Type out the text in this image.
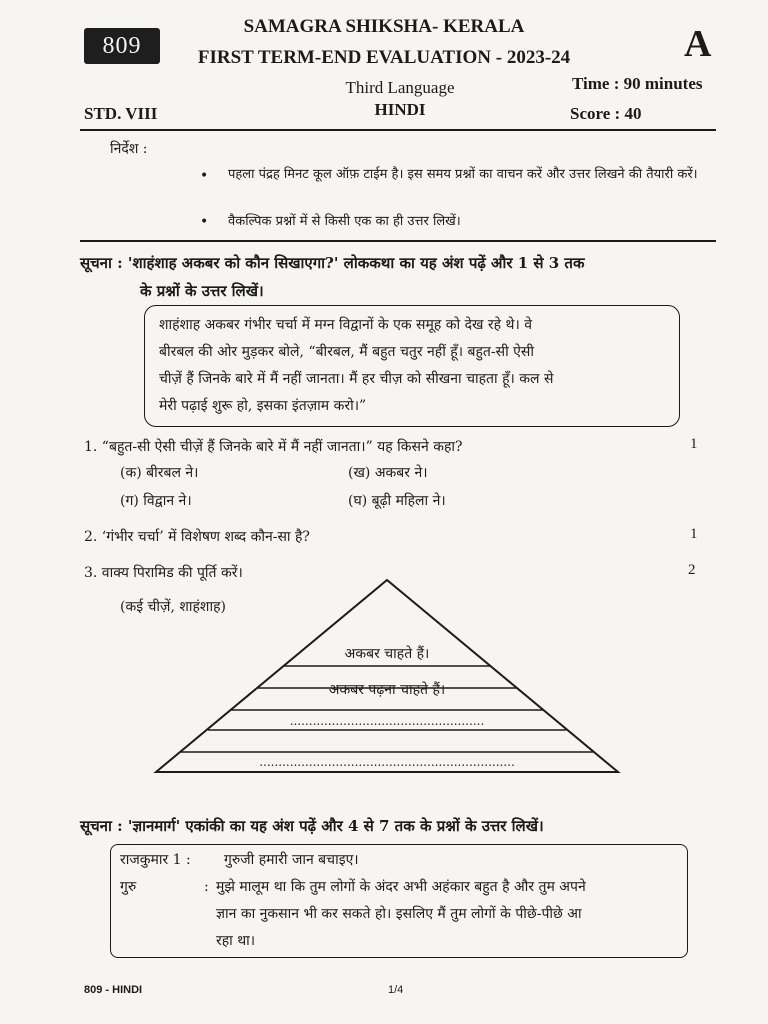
809
SAMAGRA SHIKSHA- KERALA
FIRST TERM-END EVALUATION - 2023-24	A
Third Language
HINDI
Time : 90 minutes
STD. VIII	Score : 40
निर्देश :
• पहला पंद्रह मिनट कूल ऑफ़ टाईम है। इस समय प्रश्नों का वाचन करें और उत्तर लिखने की तैयारी करें।
• वैकल्पिक प्रश्नों में से किसी एक का ही उत्तर लिखें।
सूचना : 'शाहंशाह अकबर को कौन सिखाएगा?' लोककथा का यह अंश पढ़ें और 1 से 3 तक
के प्रश्नों के उत्तर लिखें।
शाहंशाह अकबर गंभीर चर्चा में मग्न विद्वानों के एक समूह को देख रहे थे। वे
बीरबल की ओर मुड़कर बोले, “बीरबल, मैं बहुत चतुर नहीं हूँ। बहुत-सी ऐसी
चीज़ें हैं जिनके बारे में मैं नहीं जानता। मैं हर चीज़ को सीखना चाहता हूँ। कल से
मेरी पढ़ाई शुरू हो, इसका इंतज़ाम करो।”
1. “बहुत-सी ऐसी चीज़ें हैं जिनके बारे में मैं नहीं जानता।” यह किसने कहा?	1
(क) बीरबल ने।	(ख) अकबर ने।
(ग) विद्वान ने।	(घ) बूढ़ी महिला ने।
2. ‘गंभीर चर्चा’ में विशेषण शब्द कौन-सा है?	1
3. वाक्य पिरामिड की पूर्ति करें।	2
(कई चीज़ें, शाहंशाह)
अकबर चाहते हैं।
अकबर पढ़ना चाहते हैं।
...................................................
...................................................................
सूचना : 'ज्ञानमार्ग' एकांकी का यह अंश पढ़ें और 4 से 7 तक के प्रश्नों के उत्तर लिखें।
राजकुमार 1 : गुरुजी हमारी जान बचाइए।
गुरु	: मुझे मालूम था कि तुम लोगों के अंदर अभी अहंकार बहुत है और तुम अपने
ज्ञान का नुकसान भी कर सकते हो। इसलिए मैं तुम लोगों के पीछे-पीछे आ
रहा था।
809 - HINDI	1/4
